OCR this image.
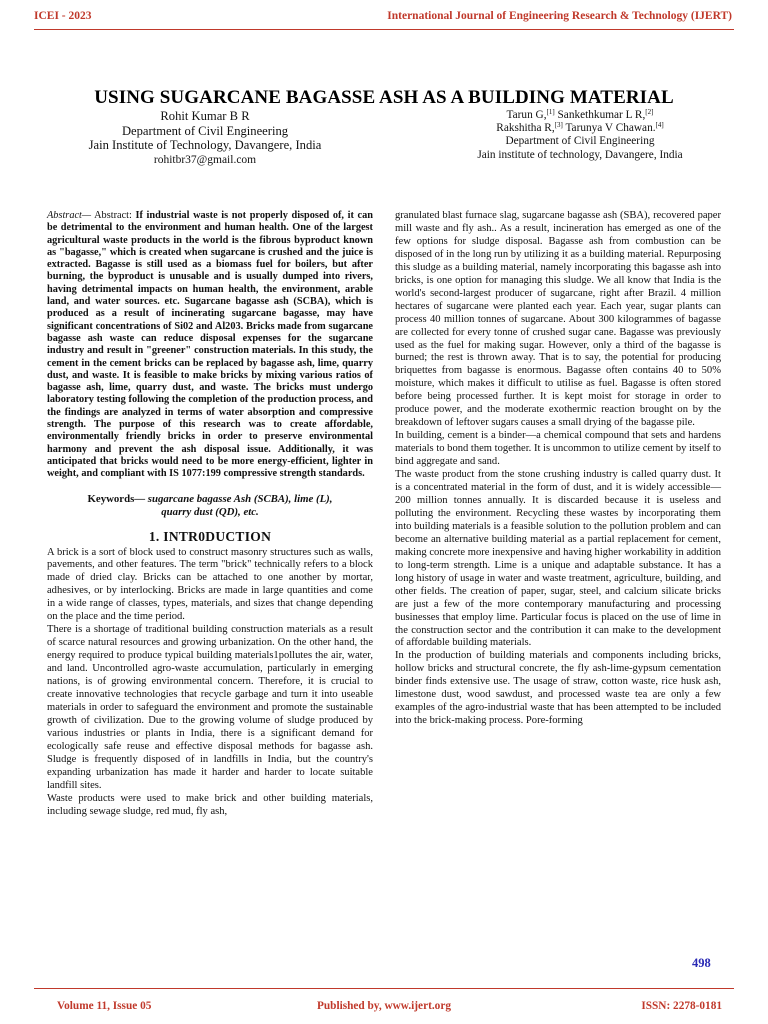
ICEI - 2023	International Journal of Engineering Research & Technology (IJERT)
USING SUGARCANE BAGASSE ASH AS A BUILDING MATERIAL
Rohit Kumar B R
Department of Civil Engineering
Jain Institute of Technology, Davangere, India
rohitbr37@gmail.com
Tarun G,[1] Sankethkumar L R,[2]
Rakshitha R,[3] Tarunya V Chawan.[4]
Department of Civil Engineering
Jain institute of technology, Davangere, India

Abstract— Abstract: If industrial waste is not properly disposed of, it can be detrimental to the environment and human health. One of the largest agricultural waste products in the world is the fibrous byproduct known as "bagasse," which is created when sugarcane is crushed and the juice is extracted. Bagasse is still used as a biomass fuel for boilers, but after burning, the byproduct is unusable and is usually dumped into rivers, having detrimental impacts on human health, the environment, arable land, and water sources. etc. Sugarcane bagasse ash (SCBA), which is produced as a result of incinerating sugarcane bagasse, may have significant concentrations of Si02 and Al203. Bricks made from sugarcane bagasse ash waste can reduce disposal expenses for the sugarcane industry and result in "greener" construction materials. In this study, the cement in the cement bricks can be replaced by bagasse ash, lime, quarry dust, and waste. It is feasible to make bricks by mixing various ratios of bagasse ash, lime, quarry dust, and waste. The bricks must undergo laboratory testing following the completion of the production process, and the findings are analyzed in terms of water absorption and compressive strength. The purpose of this research was to create affordable, environmentally friendly bricks in order to preserve environmental harmony and prevent the ash disposal issue. Additionally, it was anticipated that bricks would need to be more energy-efficient, lighter in weight, and compliant with IS 1077:199 compressive strength standards.

Keywords— sugarcane bagasse Ash (SCBA), lime (L), quarry dust (QD), etc.

1. INTR0DUCTION

A brick is a sort of block used to construct masonry structures such as walls, pavements, and other features. The term "brick" technically refers to a block made of dried clay. Bricks can be attached to one another by mortar, adhesives, or by interlocking. Bricks are made in large quantities and come in a wide range of classes, types, materials, and sizes that change depending on the place and the time period.

There is a shortage of traditional building construction materials as a result of scarce natural resources and growing urbanization. On the other hand, the energy required to produce typical building materials1pollutes the air, water, and land. Uncontrolled agro-waste accumulation, particularly in emerging nations, is of growing environmental concern. Therefore, it is crucial to create innovative technologies that recycle garbage and turn it into useable materials in order to safeguard the environment and promote the sustainable growth of civilization. Due to the growing volume of sludge produced by various industries or plants in India, there is a significant demand for ecologically safe reuse and effective disposal methods for bagasse ash. Sludge is frequently disposed of in landfills in India, but the country's expanding urbanization has made it harder and harder to locate suitable landfill sites.

Waste products were used to make brick and other building materials, including sewage sludge, red mud, fly ash,

granulated blast furnace slag, sugarcane bagasse ash (SBA), recovered paper mill waste and fly ash.. As a result, incineration has emerged as one of the few options for sludge disposal. Bagasse ash from combustion can be disposed of in the long run by utilizing it as a building material. Repurposing this sludge as a building material, namely incorporating this bagasse ash into bricks, is one option for managing this sludge. We all know that India is the world's second-largest producer of sugarcane, right after Brazil. 4 million hectares of sugarcane were planted each year. Each year, sugar plants can process 40 million tonnes of sugarcane. About 300 kilogrammes of bagasse are collected for every tonne of crushed sugar cane. Bagasse was previously used as the fuel for making sugar. However, only a third of the bagasse is burned; the rest is thrown away. That is to say, the potential for producing briquettes from bagasse is enormous. Bagasse often contains 40 to 50% moisture, which makes it difficult to utilise as fuel. Bagasse is often stored before being processed further. It is kept moist for storage in order to produce power, and the moderate exothermic reaction brought on by the breakdown of leftover sugars causes a small drying of the bagasse pile.

In building, cement is a binder—a chemical compound that sets and hardens materials to bond them together. It is uncommon to utilize cement by itself to bind aggregate and sand.

The waste product from the stone crushing industry is called quarry dust. It is a concentrated material in the form of dust, and it is widely accessible—200 million tonnes annually. It is discarded because it is useless and polluting the environment. Recycling these wastes by incorporating them into building materials is a feasible solution to the pollution problem and can become an alternative building material as a partial replacement for cement, making concrete more inexpensive and having higher workability in addition to long-term strength. Lime is a unique and adaptable substance. It has a long history of usage in water and waste treatment, agriculture, building, and other fields. The creation of paper, sugar, steel, and calcium silicate bricks are just a few of the more contemporary manufacturing and processing businesses that employ lime. Particular focus is placed on the use of lime in the construction sector and the contribution it can make to the development of affordable building materials.

In the production of building materials and components including bricks, hollow bricks and structural concrete, the fly ash-lime-gypsum cementation binder finds extensive use. The usage of straw, cotton waste, rice husk ash, limestone dust, wood sawdust, and processed waste tea are only a few examples of the agro-industrial waste that has been attempted to be included into the brick-making process. Pore-forming

498
Volume 11, Issue 05	Published by, www.ijert.org	ISSN: 2278-0181
